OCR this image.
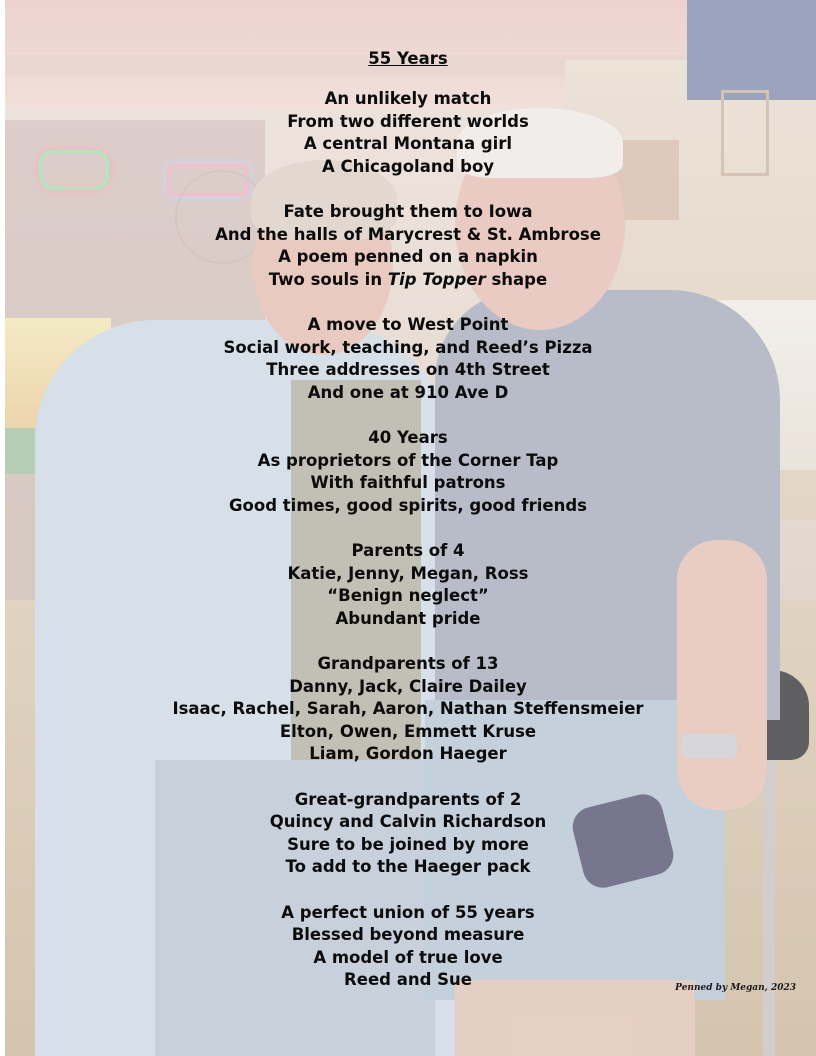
55 Years
An unlikely match
From two different worlds
A central Montana girl
A Chicagoland boy
Fate brought them to Iowa
And the halls of Marycrest & St. Ambrose
A poem penned on a napkin
Two souls in Tip Topper shape
A move to West Point
Social work, teaching, and Reed’s Pizza
Three addresses on 4th Street
And one at 910 Ave D
40 Years
As proprietors of the Corner Tap
With faithful patrons
Good times, good spirits, good friends
Parents of 4
Katie, Jenny, Megan, Ross
“Benign neglect”
Abundant pride
Grandparents of 13
Danny, Jack, Claire Dailey
Isaac, Rachel, Sarah, Aaron, Nathan Steffensmeier
Elton, Owen, Emmett Kruse
Liam, Gordon Haeger
Great-grandparents of 2
Quincy and Calvin Richardson
Sure to be joined by more
To add to the Haeger pack
A perfect union of 55 years
Blessed beyond measure
A model of true love
Reed and Sue	Penned by Megan, 2023
